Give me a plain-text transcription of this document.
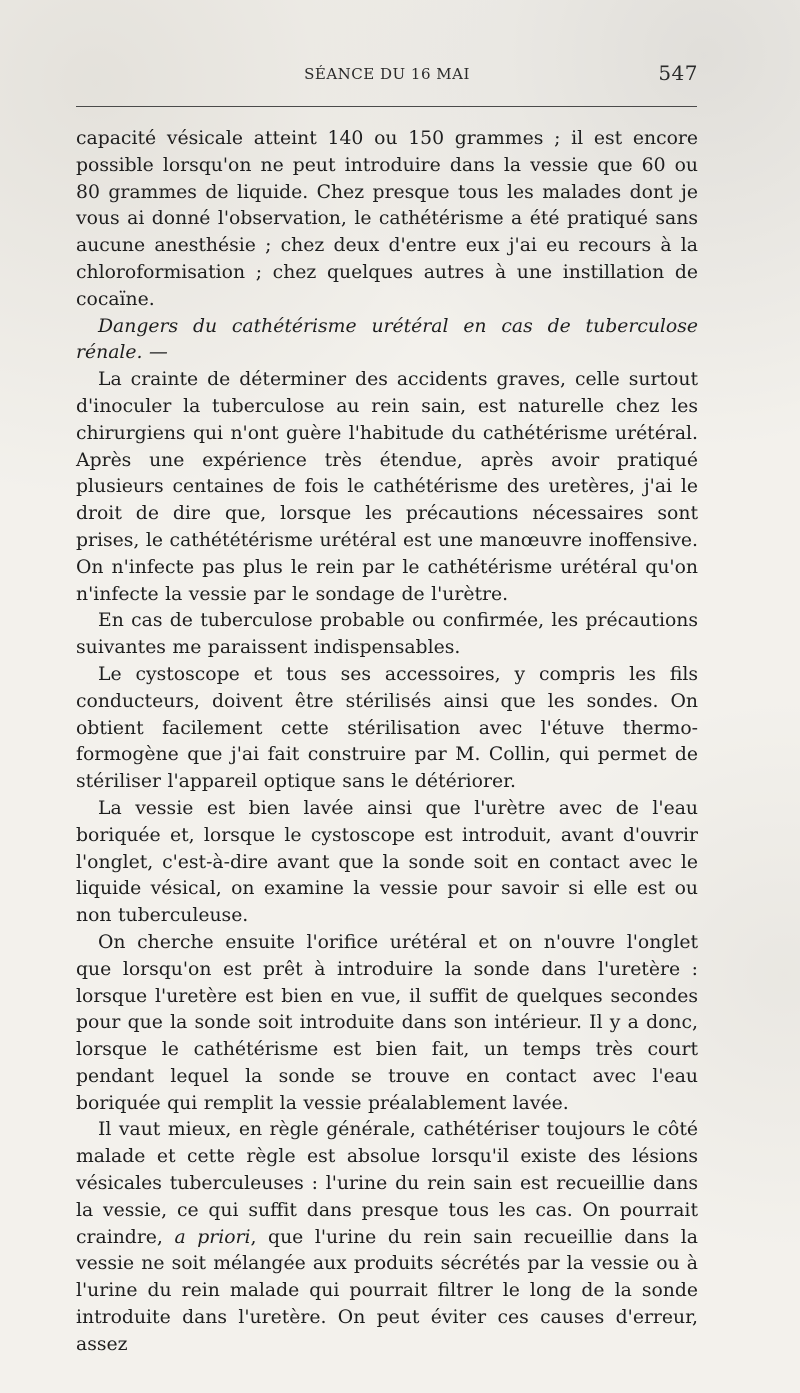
SÉANCE DU 16 MAI	547

capacité vésicale atteint 140 ou 150 grammes ; il est encore possible lorsqu'on ne peut introduire dans la vessie que 60 ou 80 grammes de liquide. Chez presque tous les malades dont je vous ai donné l'observation, le cathétérisme a été pratiqué sans aucune anesthésie ; chez deux d'entre eux j'ai eu recours à la chloroformisation ; chez quelques autres à une instillation de cocaïne.

Dangers du cathétérisme urétéral en cas de tuberculose rénale. —

La crainte de déterminer des accidents graves, celle surtout d'inoculer la tuberculose au rein sain, est naturelle chez les chirurgiens qui n'ont guère l'habitude du cathétérisme urétéral. Après une expérience très étendue, après avoir pratiqué plusieurs centaines de fois le cathétérisme des uretères, j'ai le droit de dire que, lorsque les précautions nécessaires sont prises, le cathététérisme urétéral est une manœuvre inoffensive. On n'infecte pas plus le rein par le cathétérisme urétéral qu'on n'infecte la vessie par le sondage de l'urètre.

En cas de tuberculose probable ou confirmée, les précautions suivantes me paraissent indispensables.

Le cystoscope et tous ses accessoires, y compris les fils conducteurs, doivent être stérilisés ainsi que les sondes. On obtient facilement cette stérilisation avec l'étuve thermo-formogène que j'ai fait construire par M. Collin, qui permet de stériliser l'appareil optique sans le détériorer.

La vessie est bien lavée ainsi que l'urètre avec de l'eau boriquée et, lorsque le cystoscope est introduit, avant d'ouvrir l'onglet, c'est-à-dire avant que la sonde soit en contact avec le liquide vésical, on examine la vessie pour savoir si elle est ou non tuberculeuse.

On cherche ensuite l'orifice urétéral et on n'ouvre l'onglet que lorsqu'on est prêt à introduire la sonde dans l'uretère : lorsque l'uretère est bien en vue, il suffit de quelques secondes pour que la sonde soit introduite dans son intérieur. Il y a donc, lorsque le cathétérisme est bien fait, un temps très court pendant lequel la sonde se trouve en contact avec l'eau boriquée qui remplit la vessie préalablement lavée.

Il vaut mieux, en règle générale, cathétériser toujours le côté malade et cette règle est absolue lorsqu'il existe des lésions vésicales tuberculeuses : l'urine du rein sain est recueillie dans la vessie, ce qui suffit dans presque tous les cas. On pourrait craindre, a priori, que l'urine du rein sain recueillie dans la vessie ne soit mélangée aux produits sécrétés par la vessie ou à l'urine du rein malade qui pourrait filtrer le long de la sonde introduite dans l'uretère. On peut éviter ces causes d'erreur, assez
